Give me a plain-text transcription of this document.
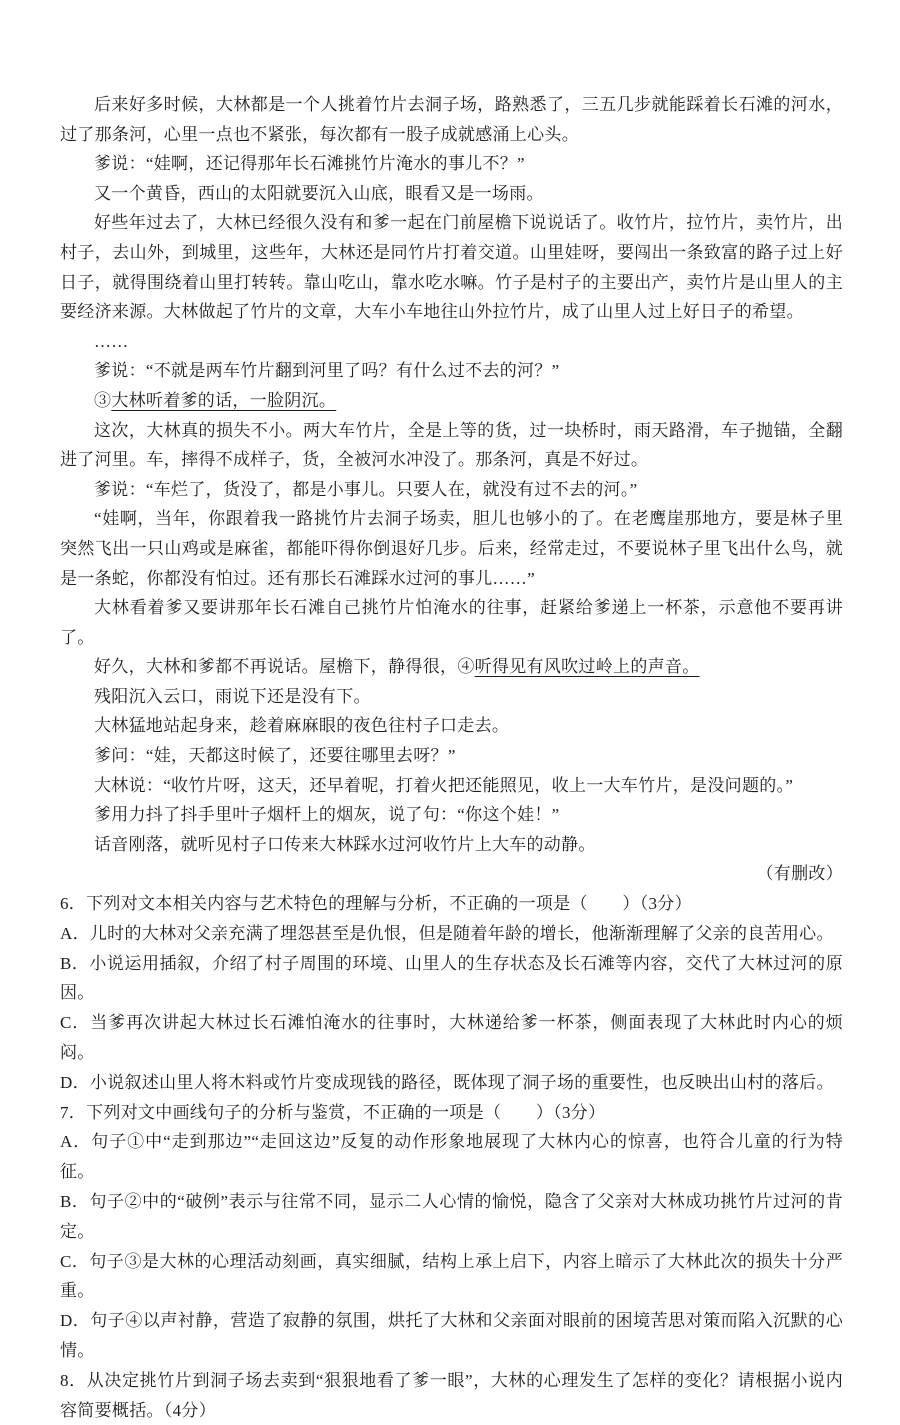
后来好多时候，大林都是一个人挑着竹片去洞子场，路熟悉了，三五几步就能踩着长石滩的河水，过了那条河，心里一点也不紧张，每次都有一股子成就感涌上心头。

爹说：“娃啊，还记得那年长石滩挑竹片淹水的事儿不？”

又一个黄昏，西山的太阳就要沉入山底，眼看又是一场雨。

好些年过去了，大林已经很久没有和爹一起在门前屋檐下说说话了。收竹片，拉竹片，卖竹片，出村子，去山外，到城里，这些年，大林还是同竹片打着交道。山里娃呀，要闯出一条致富的路子过上好日子，就得围绕着山里打转转。靠山吃山，靠水吃水嘛。竹子是村子的主要出产，卖竹片是山里人的主要经济来源。大林做起了竹片的文章，大车小车地往山外拉竹片，成了山里人过上好日子的希望。

……

爹说：“不就是两车竹片翻到河里了吗？有什么过不去的河？”

③大林听着爹的话，一脸阴沉。

这次，大林真的损失不小。两大车竹片，全是上等的货，过一块桥时，雨天路滑，车子抛锚，全翻进了河里。车，摔得不成样子，货，全被河水冲没了。那条河，真是不好过。

爹说：“车烂了，货没了，都是小事儿。只要人在，就没有过不去的河。”

“娃啊，当年，你跟着我一路挑竹片去洞子场卖，胆儿也够小的了。在老鹰崖那地方，要是林子里突然飞出一只山鸡或是麻雀，都能吓得你倒退好几步。后来，经常走过，不要说林子里飞出什么鸟，就是一条蛇，你都没有怕过。还有那长石滩踩水过河的事儿……”

大林看着爹又要讲那年长石滩自己挑竹片怕淹水的往事，赶紧给爹递上一杯茶，示意他不要再讲了。

好久，大林和爹都不再说话。屋檐下，静得很，④听得见有风吹过岭上的声音。

残阳沉入云口，雨说下还是没有下。

大林猛地站起身来，趁着麻麻眼的夜色往村子口走去。

爹问：“娃，天都这时候了，还要往哪里去呀？”

大林说：“收竹片呀，这天，还早着呢，打着火把还能照见，收上一大车竹片，是没问题的。”

爹用力抖了抖手里叶子烟杆上的烟灰，说了句：“你这个娃！”

话音刚落，就听见村子口传来大林踩水过河收竹片上大车的动静。

（有删改）

6．下列对文本相关内容与艺术特色的理解与分析，不正确的一项是（　　）（3分）
A．儿时的大林对父亲充满了埋怨甚至是仇恨，但是随着年龄的增长，他渐渐理解了父亲的良苦用心。
B．小说运用插叙，介绍了村子周围的环境、山里人的生存状态及长石滩等内容，交代了大林过河的原因。
C．当爹再次讲起大林过长石滩怕淹水的往事时，大林递给爹一杯茶，侧面表现了大林此时内心的烦闷。
D．小说叙述山里人将木料或竹片变成现钱的路径，既体现了洞子场的重要性，也反映出山村的落后。
7．下列对文中画线句子的分析与鉴赏，不正确的一项是（　　）（3分）
A．句子①中“走到那边”“走回这边”反复的动作形象地展现了大林内心的惊喜，也符合儿童的行为特征。
B．句子②中的“破例”表示与往常不同，显示二人心情的愉悦，隐含了父亲对大林成功挑竹片过河的肯定。
C．句子③是大林的心理活动刻画，真实细腻，结构上承上启下，内容上暗示了大林此次的损失十分严重。
D．句子④以声衬静，营造了寂静的氛围，烘托了大林和父亲面对眼前的困境苦思对策而陷入沉默的心情。
8．从决定挑竹片到洞子场去卖到“狠狠地看了爹一眼”，大林的心理发生了怎样的变化？请根据小说内容简要概括。（4分）
